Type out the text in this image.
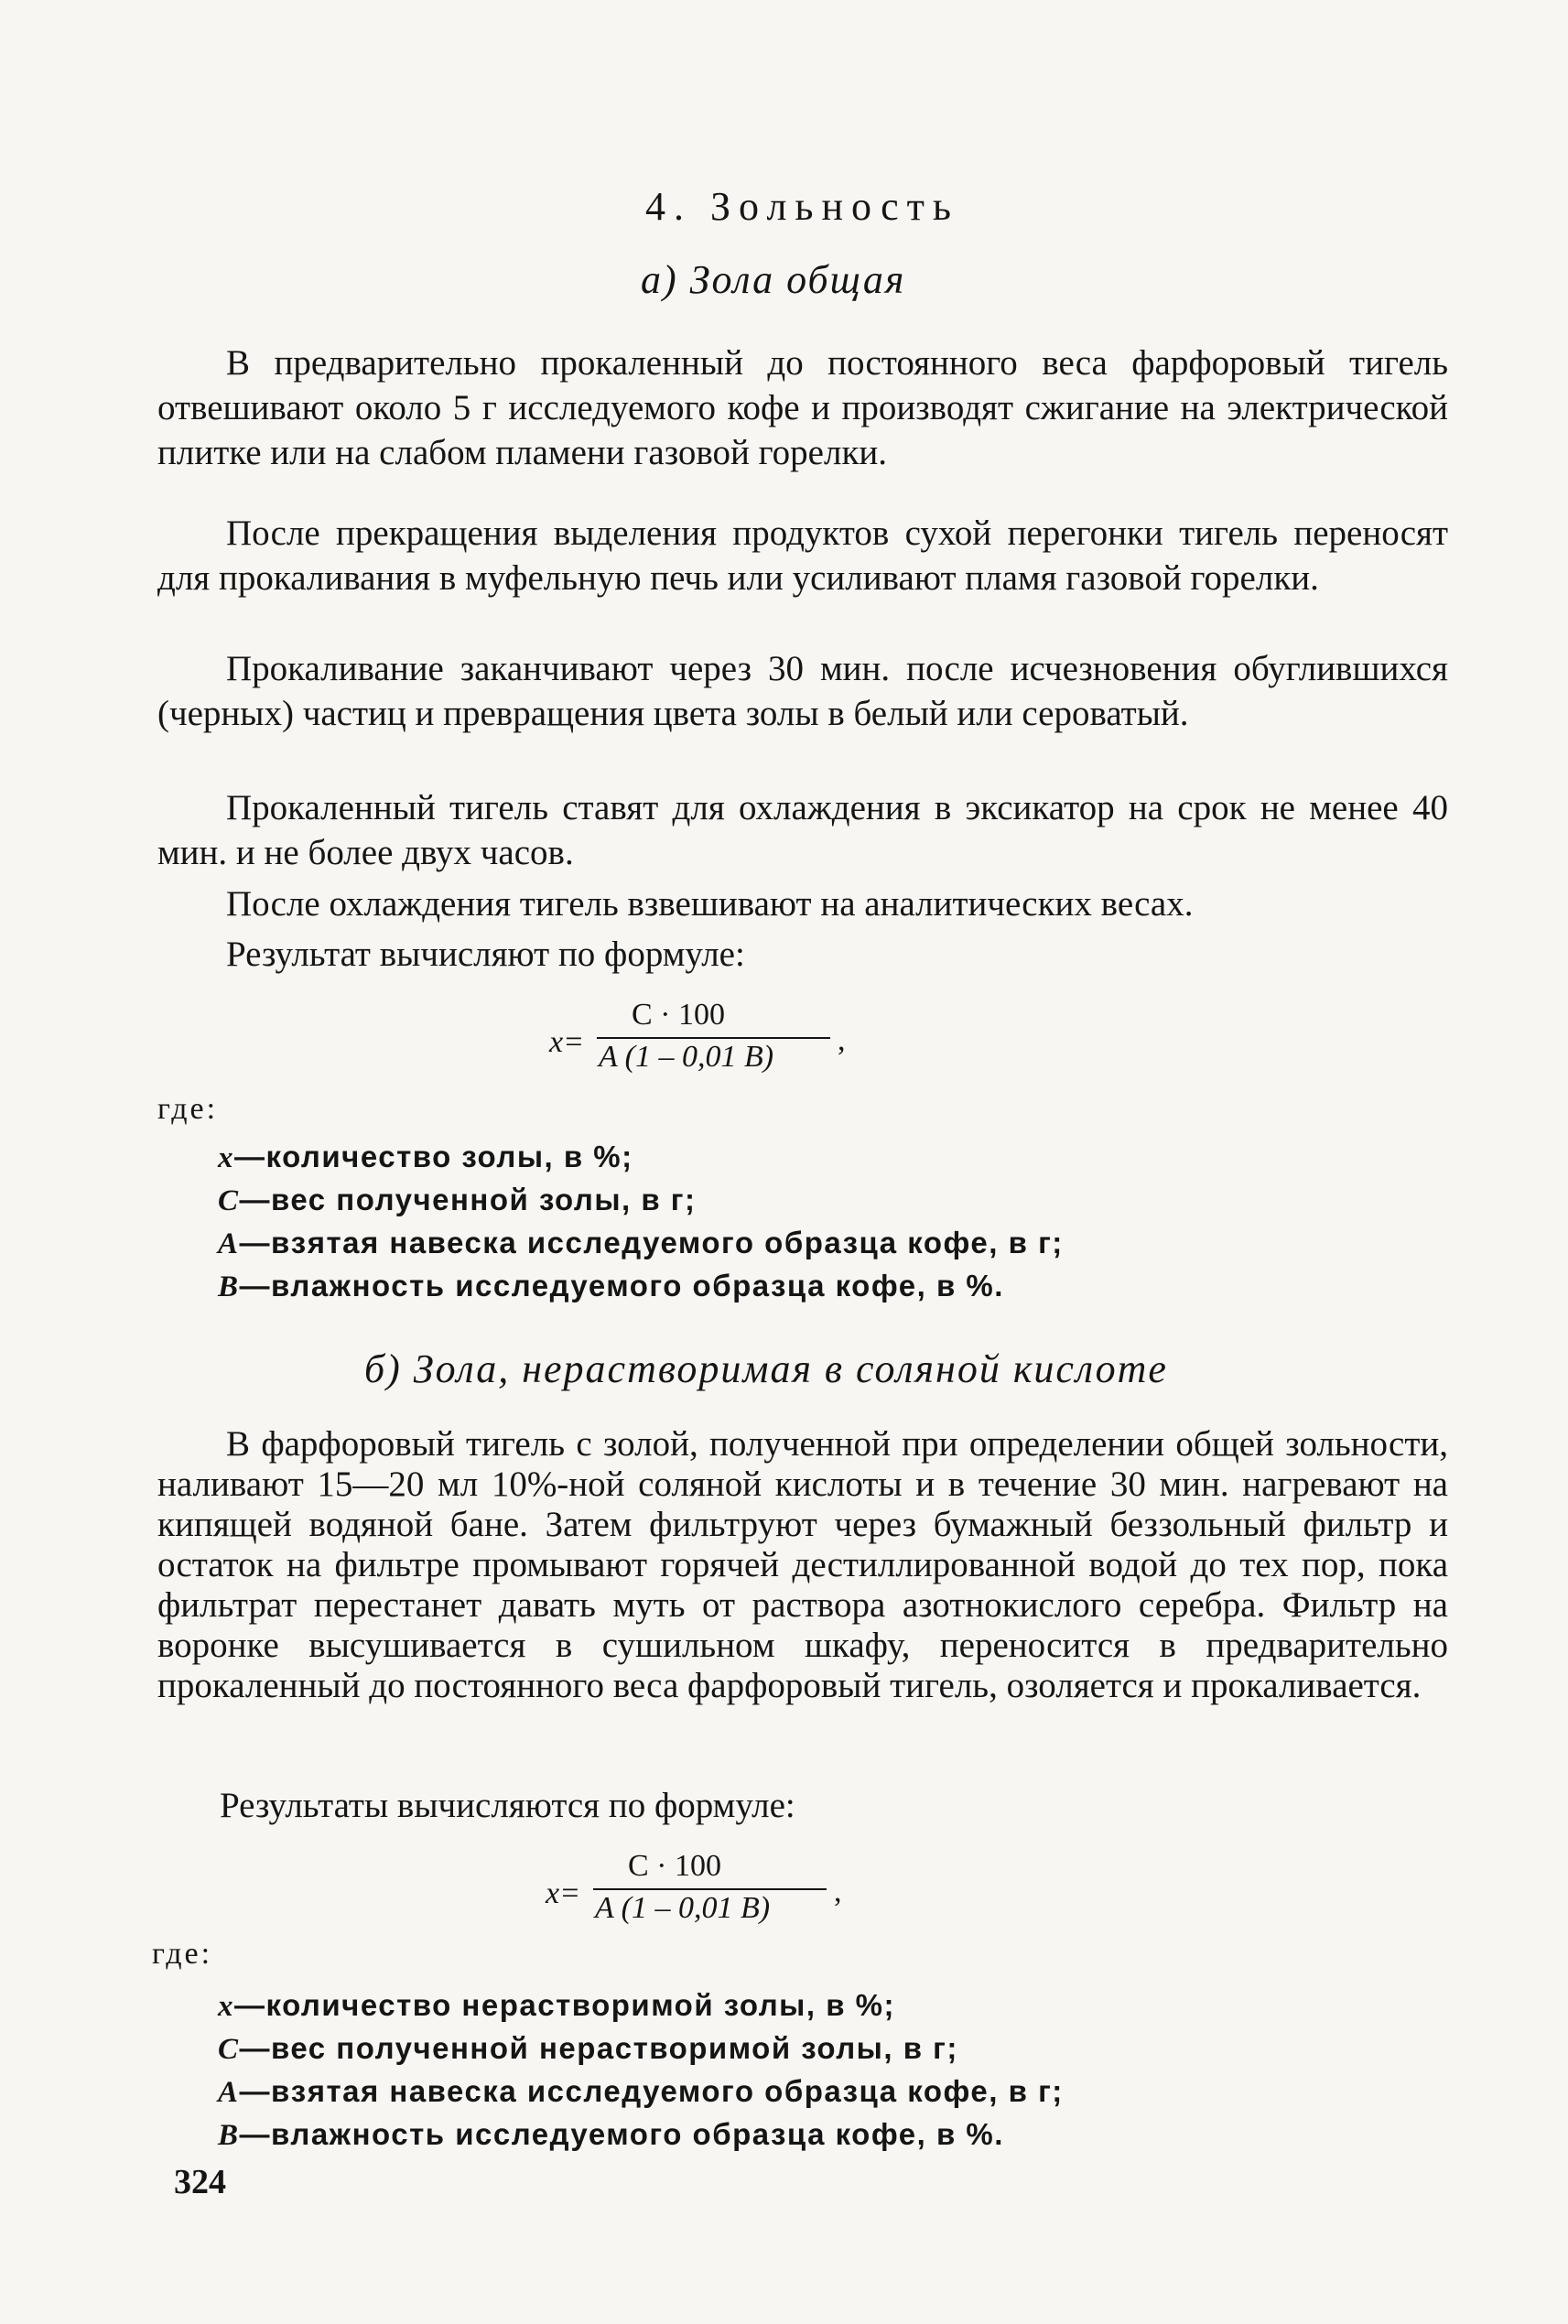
4. Зольность
а) Зола общая
В предварительно прокаленный до постоянного веса фарфоровый тигель отвешивают около 5 г исследуемого кофе и производят сжигание на электрической плитке или на слабом пламени газовой горелки.
После прекращения выделения продуктов сухой перегонки тигель переносят для прокаливания в муфельную печь или усиливают пламя газовой горелки.
Прокаливание заканчивают через 30 мин. после исчезновения обуглившихся (черных) частиц и превращения цвета золы в белый или сероватый.
Прокаленный тигель ставят для охлаждения в эксикатор на срок не менее 40 мин. и не более двух часов.
После охлаждения тигель взвешивают на аналитических весах.
Результат вычисляют по формуле:
x=
C · 100
A (1 – 0,01 B) ,
где:
x—количество золы, в %;
C—вес полученной золы, в г;
A—взятая навеска исследуемого образца кофе, в г;
B—влажность исследуемого образца кофе, в %.
б) Зола, нерастворимая в соляной кислоте
В фарфоровый тигель с золой, полученной при определении общей зольности, наливают 15—20 мл 10%-ной соляной кислоты и в течение 30 мин. нагревают на кипящей водяной бане. Затем фильтруют через бумажный беззольный фильтр и остаток на фильтре промывают горячей дестиллированной водой до тех пор, пока фильтрат перестанет давать муть от раствора азотнокислого серебра. Фильтр на воронке высушивается в сушильном шкафу, переносится в предварительно прокаленный до постоянного веса фарфоровый тигель, озоляется и прокаливается.
Результаты вычисляются по формуле:
x=
C · 100
A (1 – 0,01 B) ,
где:
x—количество нерастворимой золы, в %;
C—вес полученной нерастворимой золы, в г;
A—взятая навеска исследуемого образца кофе, в г;
B—влажность исследуемого образца кофе, в %.
324
